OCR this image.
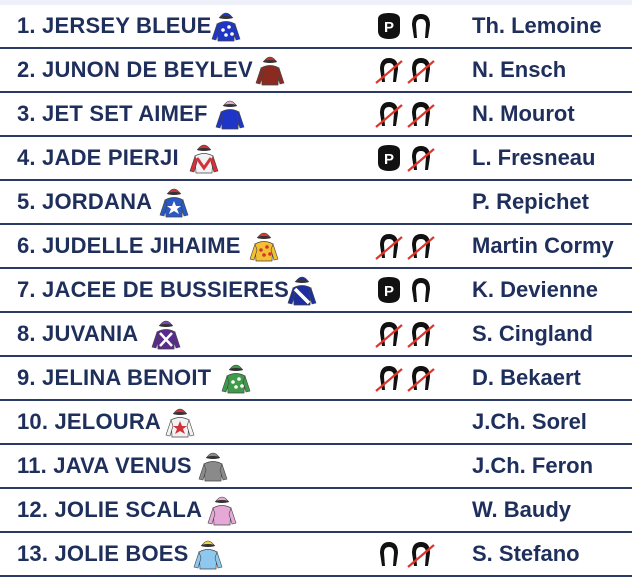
1. JERSEY BLEUE	P	Th. Lemoine
2. JUNON DE BEYLEV	N. Ensch
3. JET SET AIMEF	N. Mourot
4. JADE PIERJI	P	L. Fresneau
5. JORDANA	P. Repichet
6. JUDELLE JIHAIME	Martin Cormy
7. JACEE DE BUSSIERES	P	K. Devienne
8. JUVANIA	S. Cingland
9. JELINA BENOIT	D. Bekaert
10. JELOURA	J.Ch. Sorel
11. JAVA VENUS	J.Ch. Feron
12. JOLIE SCALA	W. Baudy
13. JOLIE BOES	S. Stefano
